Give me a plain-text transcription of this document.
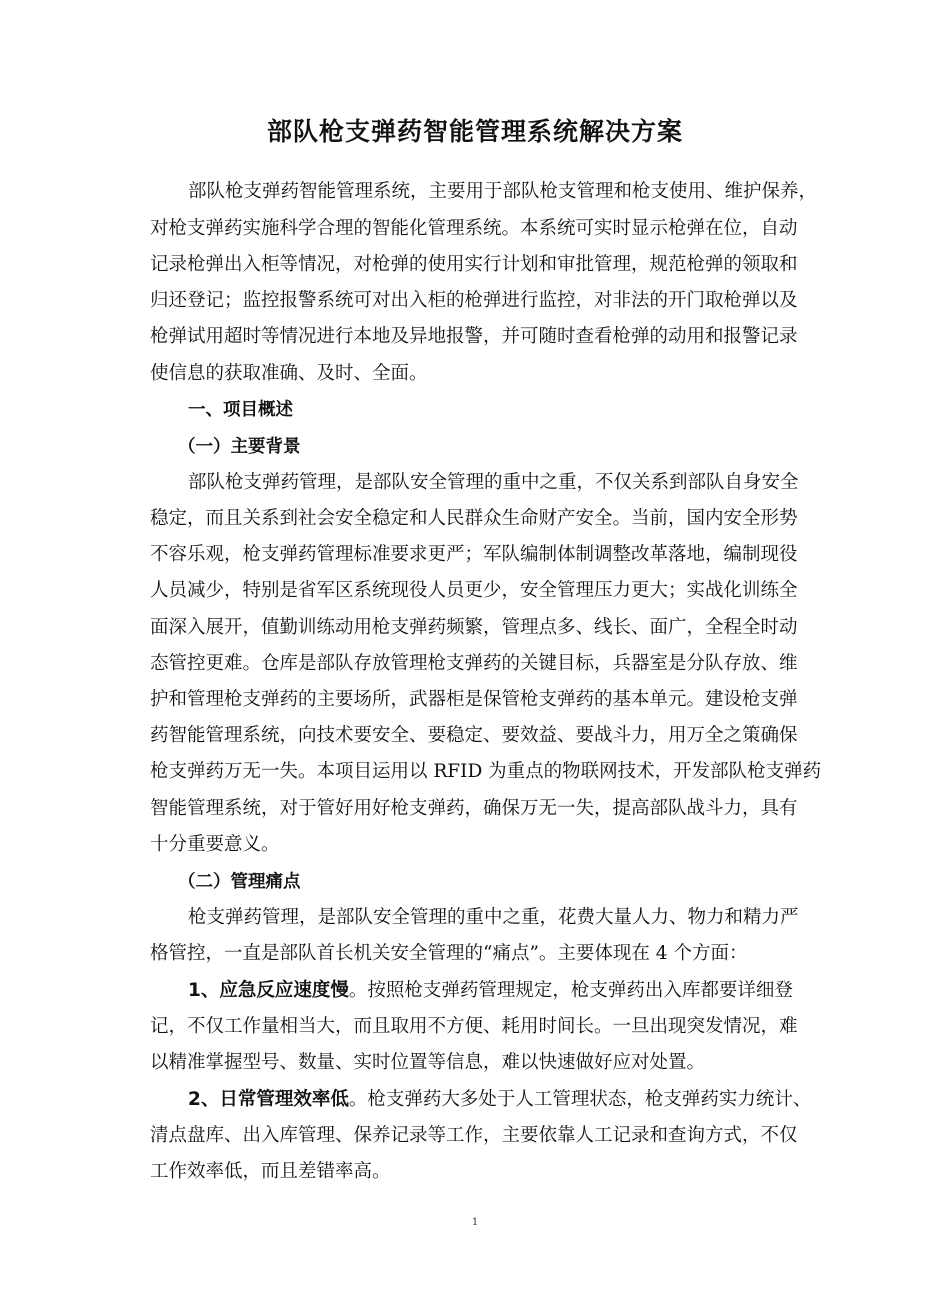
部队枪支弹药智能管理系统解决方案

部队枪支弹药智能管理系统，主要用于部队枪支管理和枪支使用、维护保养，

对枪支弹药实施科学合理的智能化管理系统。本系统可实时显示枪弹在位，自动

记录枪弹出入柜等情况，对枪弹的使用实行计划和审批管理，规范枪弹的领取和

归还登记；监控报警系统可对出入柜的枪弹进行监控，对非法的开门取枪弹以及

枪弹试用超时等情况进行本地及异地报警，并可随时查看枪弹的动用和报警记录

使信息的获取准确、及时、全面。

一、项目概述

（一）主要背景

部队枪支弹药管理，是部队安全管理的重中之重，不仅关系到部队自身安全

稳定，而且关系到社会安全稳定和人民群众生命财产安全。当前，国内安全形势

不容乐观，枪支弹药管理标准要求更严；军队编制体制调整改革落地，编制现役

人员减少，特别是省军区系统现役人员更少，安全管理压力更大；实战化训练全

面深入展开，值勤训练动用枪支弹药频繁，管理点多、线长、面广，全程全时动

态管控更难。仓库是部队存放管理枪支弹药的关键目标，兵器室是分队存放、维

护和管理枪支弹药的主要场所，武器柜是保管枪支弹药的基本单元。建设枪支弹

药智能管理系统，向技术要安全、要稳定、要效益、要战斗力，用万全之策确保

枪支弹药万无一失。本项目运用以 RFID 为重点的物联网技术，开发部队枪支弹药

智能管理系统，对于管好用好枪支弹药，确保万无一失，提高部队战斗力，具有

十分重要意义。

（二）管理痛点

枪支弹药管理，是部队安全管理的重中之重，花费大量人力、物力和精力严

格管控，一直是部队首长机关安全管理的“痛点”。主要体现在 4 个方面：

1、应急反应速度慢。按照枪支弹药管理规定，枪支弹药出入库都要详细登

记，不仅工作量相当大，而且取用不方便、耗用时间长。一旦出现突发情况，难

以精准掌握型号、数量、实时位置等信息，难以快速做好应对处置。

2、日常管理效率低。枪支弹药大多处于人工管理状态，枪支弹药实力统计、

清点盘库、出入库管理、保养记录等工作，主要依靠人工记录和查询方式，不仅

工作效率低，而且差错率高。

1
